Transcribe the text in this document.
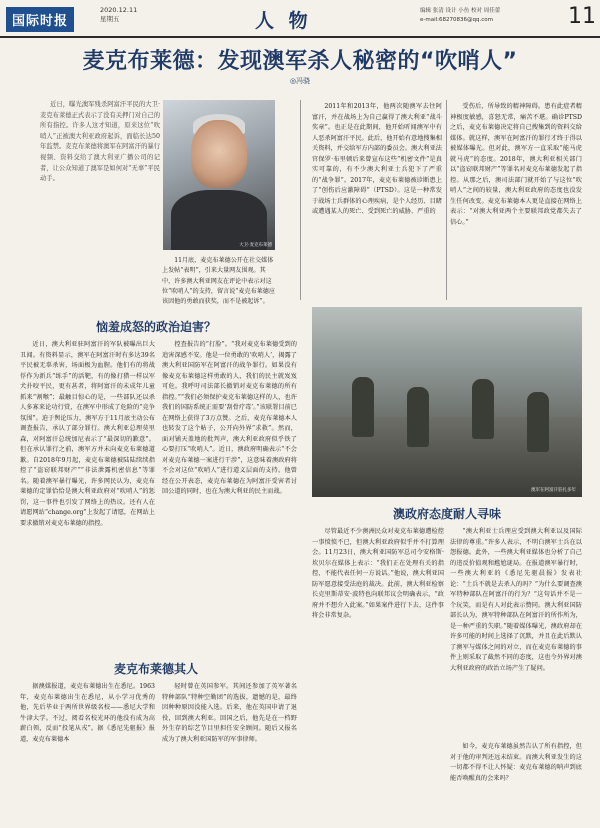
国际时报
2020.12.11
星期五	人 物	编辑 张清 设计 小鱼 校对 周佳蕾
e-mail:68270836@qq.com	11
麦克布莱德：发现澳军杀人秘密的“吹哨人”
◎冯骁
近日，曝光澳军残杀阿富汗平民的大卫·麦克布莱德正式表示了没有关押门对自己的所有指控。许多人这才知道，原来这位“吹哨人”正被澳大利亚政府起诉，面临长达50年监禁。麦克布莱德将澳军在阿富汗的暴行视频、资料交给了澳大利亚广播公司的记者，让公众知道了澳军是如何对“无辜”平民动手。
大卫·麦克布莱德
11月底，麦克布莱德公开在社交媒体上发帖“表明”，引来大量网友围观。其中，许多澳大利亚网友在评论中表示对这位“吹哨人”的支持，留言说“麦克布莱德应该因他的勇敢而获奖，而不是被起诉”。

2011年和2013年，他两次随澳军去往阿富汗，并在战场上为自己赢得了澳大利亚“战斗奖章”。也正是在此期间，他开始听闻澳军中有人恶杀阿富汗平民。此后，他开始有意地搜集相关资料，并交给军方内部的委员会。澳大利亚法官保罗·布里顿后来曾宣布这些“机密文件”是真实可靠的，有不少澳大利亚士兵犯下了严重的“战争罪”。2017年，麦克布莱德被诊断患上了“创伤后应激障碍”（PTSD）。这是一种常发于战场士兵群体的心理疾病，是个人经历、目睹或遭遇某人的死亡、受到死亡的威胁、严重的

受伤后，所导致的精神障碍。患有此症者精神极度敏感，喜怒无常，痛苦不堪。确诊PTSD之后，麦克布莱德决定将自己搜集到的资料交给媒体。就这样，澳军在阿富汗的罪行才终于得以被媒体曝光。但对此，澳军方一直采取“能马虎就马虎”的态度。2018年，澳大利亚相关部门以“盗窃联邦财产”等罪名对麦克布莱德发起了指控。从那之后，澳司法部门就开始了与这位“吹哨人”之间的较量，澳大利亚政府的态度也没发生任何改变。麦克布莱德本人更是直接在网络上表示：“对澳大利亚两个主要联邦政党都失去了信心。”

恼羞成怒的政治迫害？

近日，澳大利亚驻阿富汗的军队被曝出巨大丑闻。有资料显示，澳军在阿富汗时有多达39名平民被无辜杀害，场面极为血腥。他们有的将战俘作为新兵“练手”的活靶，有的像打猎一样以军犬扑咬平民，更有甚者，将阿富汗的未成年儿童抓来“割喉”；最触目惊心的是，一些部队还以杀人多寡来论功行赏，在澳军中形成了危险的“竞争氛围”。迫于舆论压力，澳军方于11月底主动公布调查报告，承认了部分罪行。澳大利亚总理莫里森，对阿富汗总统加尼表示了“最深切的歉意”。但在承认罪行之前，澳军方并未向麦克布莱德道歉。自2018年9月起，麦克布莱德被陆陆续续指控了“盗窃联邦财产”“非法泄露机密信息”等罪名。随着澳军暴行曝光，许多网民认为，麦克布莱德的定罪恰恰是澳大利亚政府对“吹哨人”的惩罚，这一事件也引发了网络上的热议。还有人在请愿网站“change.org”上发起了请愿，在网站上要求撤销对麦克布莱德的指控。

控查报告的“打脸”。“我对麦克布莱德受到的追害深感不安。他是一位勇敢的‘吹哨人’，揭露了澳大利亚国防军在阿富汗的战争罪行。如果没有像麦克布莱德这样勇敢的人，我们的民主就岌岌可危。我呼吁司法部长撤销对麦克布莱德的所有指控。”“我们必须保护麦克布莱德这样的人，也许我们的国防系统正需要‘刮骨疗毒’。”该联署目前已在网络上获得了3万点赞。之后，麦克布莱德本人也转发了这个帖子，公开向外界“求救”。然而，面对铺天盖地的批判声，澳大利亚政府似乎铁了心要打压“吹哨人”。近日，澳政府明确表示“不会对麦克布莱德一案进行干涉”，这意味着澳政府将不会对这位“吹哨人”进行道义层面的支持。他曾经在公开表态，麦克布莱德在为阿富汗受害者讨回公道的同时，也在为澳大利亚的民主而战。	澳军在阿富汗驻扎多年
澳政府态度耐人寻味

尽管最近不少澳洲民众对麦克布莱德遭检控一事愤愤不已，但澳大利亚政府似乎并不打算理会。11月23日，澳大利亚国防军总司令安格斯·坎贝尔在媒体上表示：“我们正在处理有关的指控，不能代表任何一方说话。”他说，澳大利亚国防军愿意接受法庭的裁决。此前，澳大利亚检察长克里斯蒂安·波特也向联邦议会明确表示，“政府并不想介入此案。”如果案件进行下去，这件事将会非常复杂。

“澳大利亚士兵理应受到澳大利亚以及国际法律的尊重。”许多人表示，不明白澳军士兵在以怨报德。此外，一些澳大利亚媒体也分析了自己的违反价值观和尴尬谜局。在报道澳军暴行时，一些澳大利亚的《悉尼先驱晨报》发表社论：“土兵不就是去杀人的吗？”为什么要调查澳军特种部队在阿富汗的行为？“这句话并不是一个玩笑，而是有人对此表示赞同。澳大利亚国防部长认为，澳军特种部队在阿富汗的所作所为，是一种严重的失职。”随着媒体曝光，澳政府却在许多可能的时间上选择了沉默，并且在此后默认了澳军与媒体之间的对立，而在麦克布莱德的事件上则采取了截然不同的态度，这也令外界对澳大利亚政府的政治立场产生了疑问。

麦克布莱德其人

据澳媒报道，麦克布莱德出生在悉尼。1963年，麦克布莱德出生在悉尼，从小学习优秀的他，先后毕业于两所世界级名校——悉尼大学和牛津大学。不过，阅看名校光环的他没有成为高薪白领，反而“投笔从戎”。据《悉尼先驱报》报道，麦克布莱德本

轻时曾在英国参军。其间还参加了英军著名特种部队“特种空勤团”的选拔，遗憾的是，最终因种种原因没能入选。后来，他在英国申请了退役，回到澳大利亚。回国之后，他先是在一档野外生存的综艺节目里担任安全顾问。随后又报名成为了澳大利亚国防军的军事律师。

如今，麦克布莱德虽然告认了所有指控，但对于他的审判还远未结束。而澳大利亚发生的这一切都不得不让人怀疑：麦克布莱德的呐声到底能否唤醒真的会来吗？
